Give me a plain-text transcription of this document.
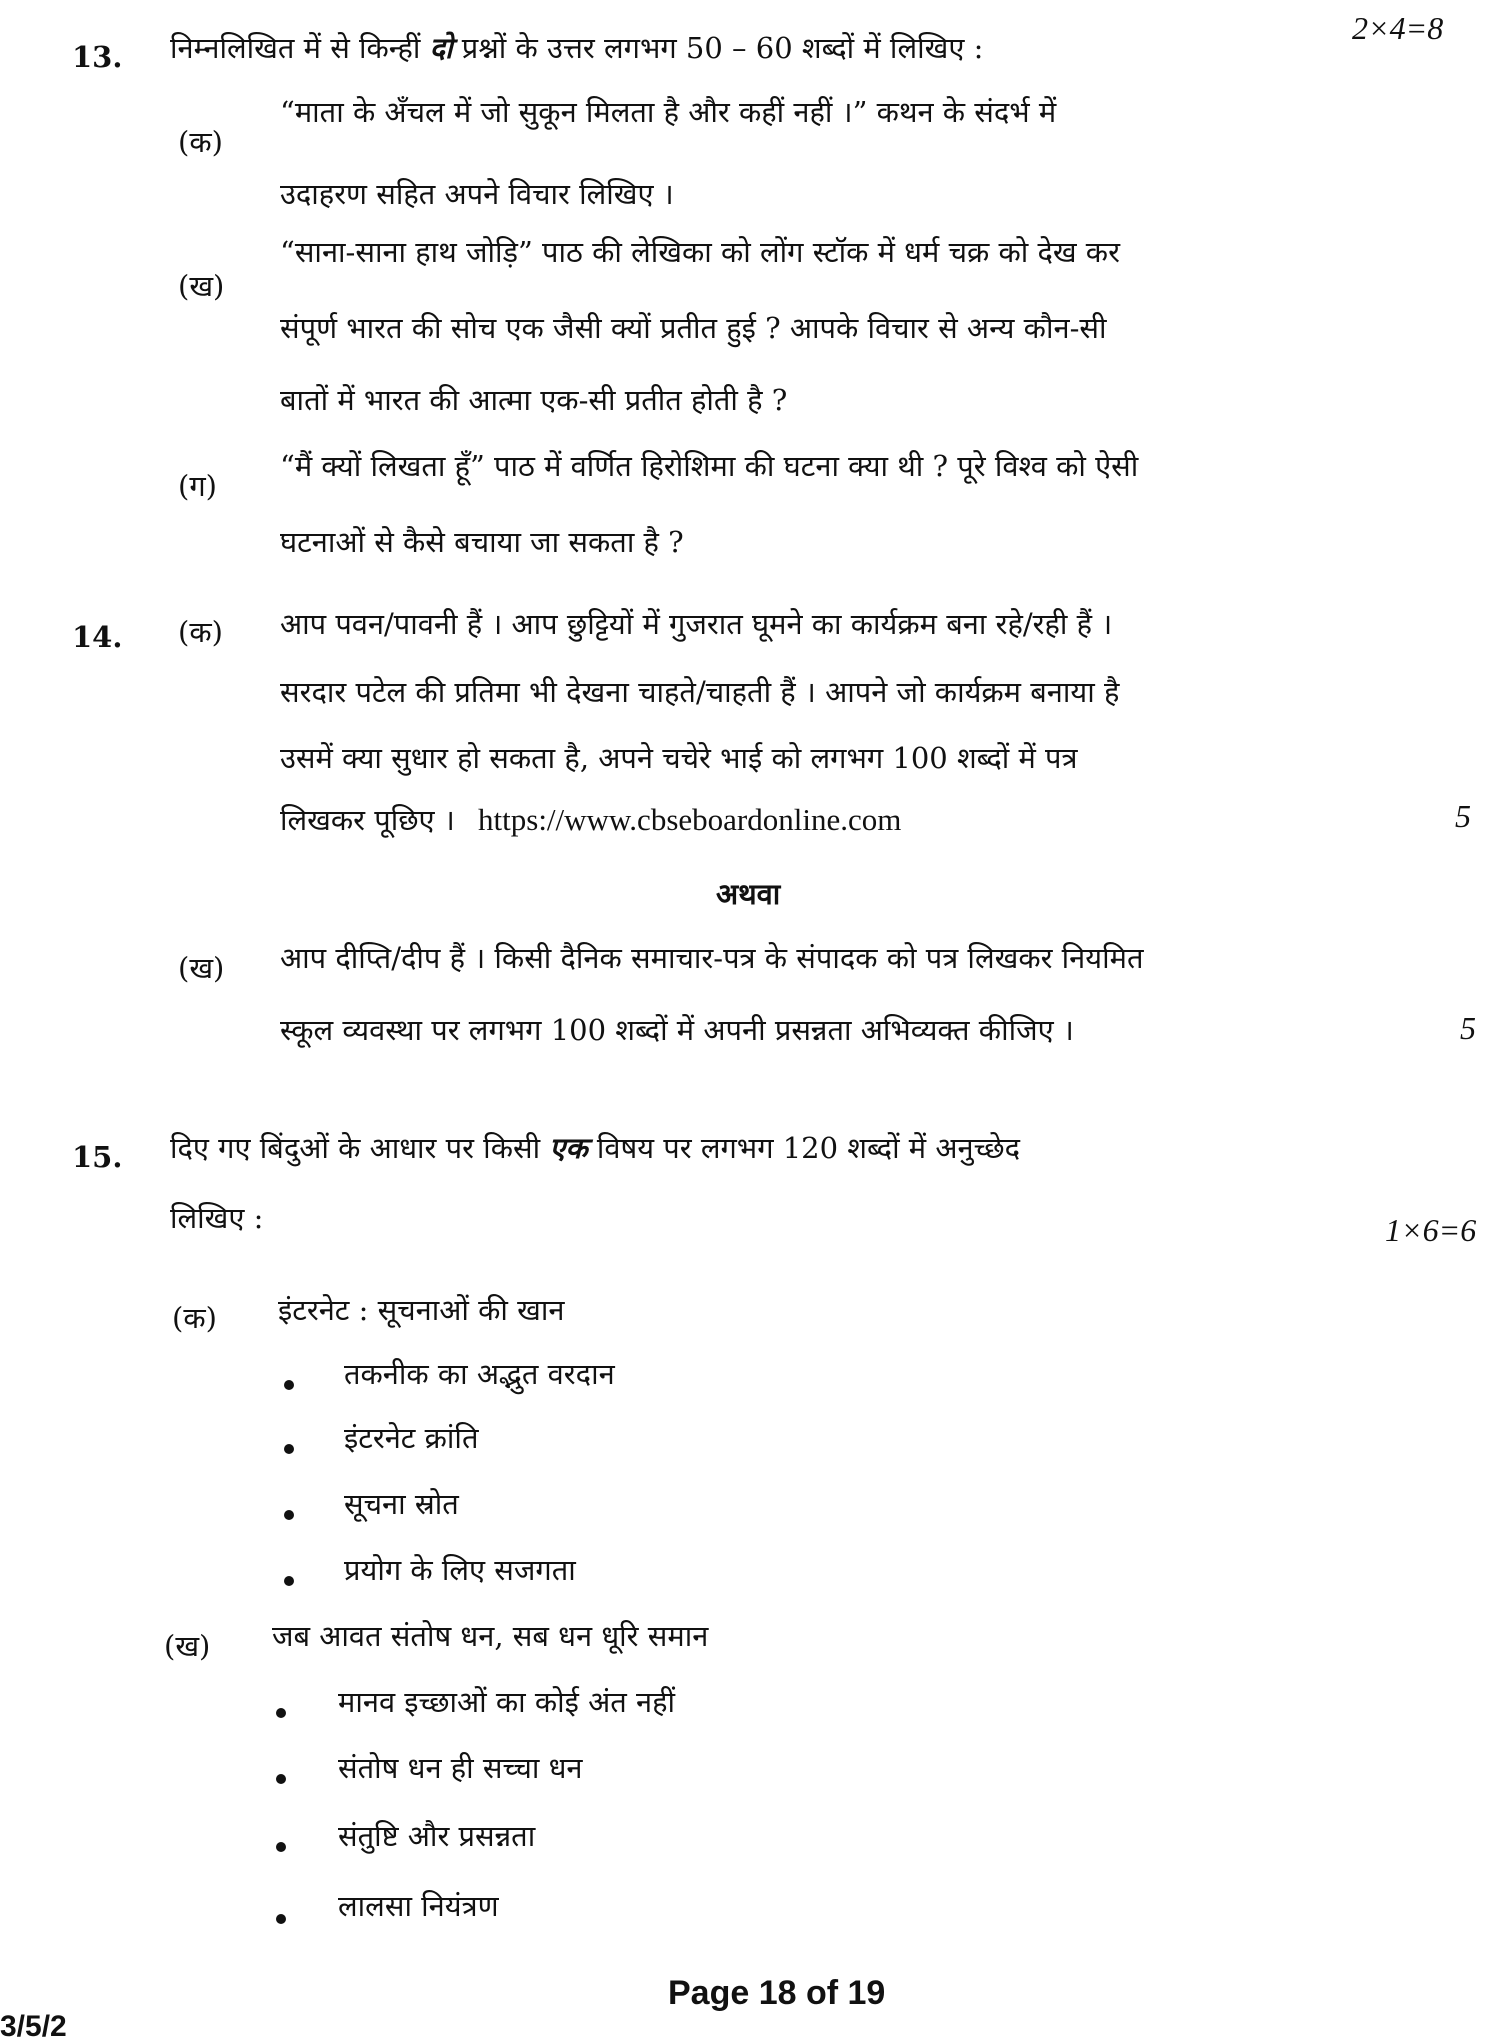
13. निम्नलिखित में से किन्हीं दो प्रश्नों के उत्तर लगभग 50 – 60 शब्दों में लिखिए :
2×4=8
(क)
“माता के अँचल में जो सुकून मिलता है और कहीं नहीं ।” कथन के संदर्भ में
उदाहरण सहित अपने विचार लिखिए ।
(ख)
“साना-साना हाथ जोड़ि” पाठ की लेखिका को लोंग स्टॉक में धर्म चक्र को देख कर
संपूर्ण भारत की सोच एक जैसी क्यों प्रतीत हुई ? आपके विचार से अन्य कौन-सी
बातों में भारत की आत्मा एक-सी प्रतीत होती है ?
(ग)
“मैं क्यों लिखता हूँ” पाठ में वर्णित हिरोशिमा की घटना क्या थी ? पूरे विश्व को ऐसी
घटनाओं से कैसे बचाया जा सकता है ?
14. (क) आप पवन/पावनी हैं । आप छुट्टियों में गुजरात घूमने का कार्यक्रम बना रहे/रही हैं ।
सरदार पटेल की प्रतिमा भी देखना चाहते/चाहती हैं । आपने जो कार्यक्रम बनाया है
उसमें क्या सुधार हो सकता है, अपने चचेरे भाई को लगभग 100 शब्दों में पत्र
लिखकर पूछिए । https://www.cbseboardonline.com	5
अथवा
(ख) आप दीप्ति/दीप हैं । किसी दैनिक समाचार-पत्र के संपादक को पत्र लिखकर नियमित
स्कूल व्यवस्था पर लगभग 100 शब्दों में अपनी प्रसन्नता अभिव्यक्त कीजिए ।	5
15. दिए गए बिंदुओं के आधार पर किसी एक विषय पर लगभग 120 शब्दों में अनुच्छेद
लिखिए :	1×6=6
(क) इंटरनेट : सूचनाओं की खान
तकनीक का अद्भुत वरदान
इंटरनेट क्रांति
सूचना स्रोत
प्रयोग के लिए सजगता
(ख) जब आवत संतोष धन, सब धन धूरि समान
मानव इच्छाओं का कोई अंत नहीं
संतोष धन ही सच्चा धन
संतुष्टि और प्रसन्नता
लालसा नियंत्रण
Page 18 of 19
3/5/2
